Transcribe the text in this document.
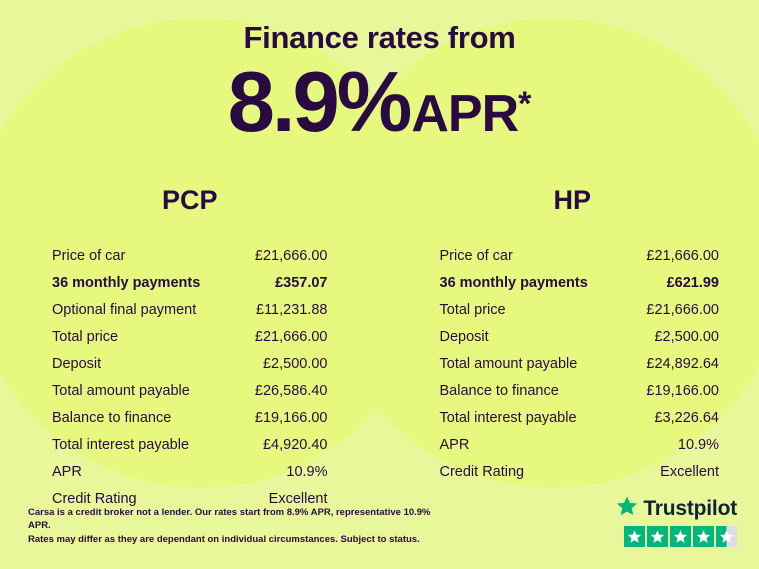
Finance rates from
8.9% APR *
PCP
Price of car	£21,666.00
36 monthly payments	£357.07
Optional final payment	£11,231.88
Total price	£21,666.00
Deposit	£2,500.00
Total amount payable	£26,586.40
Balance to finance	£19,166.00
Total interest payable	£4,920.40
APR	10.9%
Credit Rating	Excellent
HP
Price of car	£21,666.00
36 monthly payments	£621.99
Total price	£21,666.00
Deposit	£2,500.00
Total amount payable	£24,892.64
Balance to finance	£19,166.00
Total interest payable	£3,226.64
APR	10.9%
Credit Rating	Excellent
Carsa is a credit broker not a lender. Our rates start from 8.9% APR, representative 10.9% APR.
Rates may differ as they are dependant on individual circumstances. Subject to status.
Trustpilot
